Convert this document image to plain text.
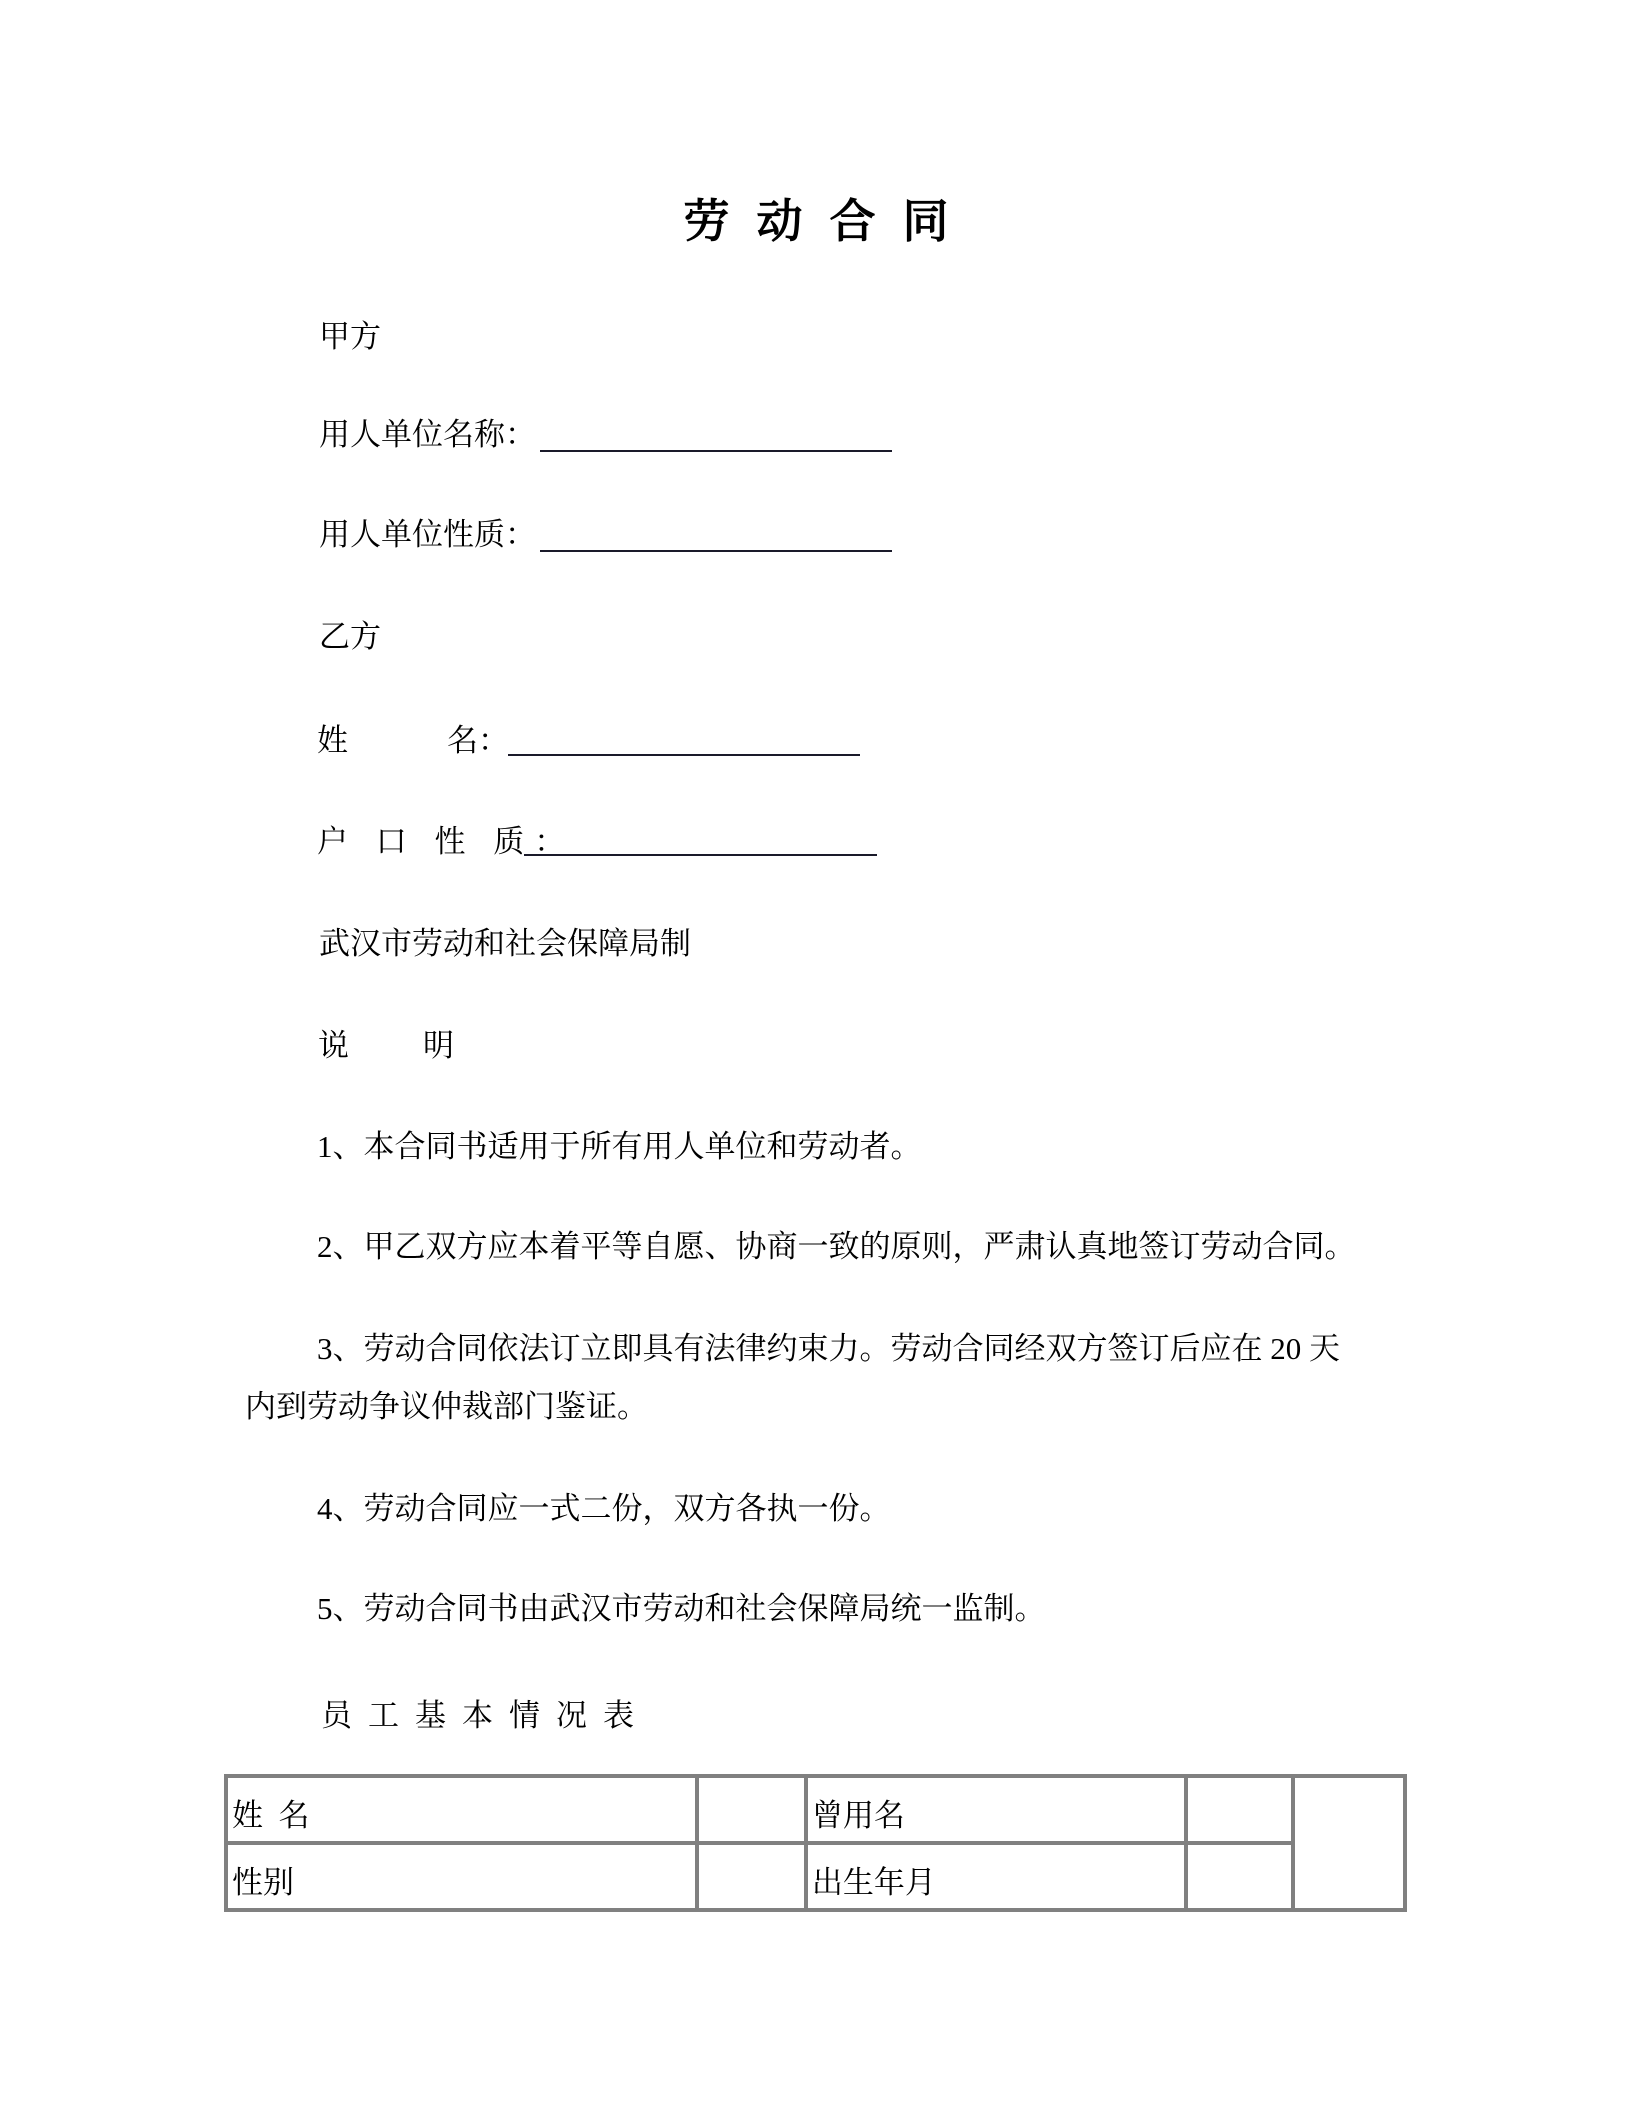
劳动合同
甲方
用人单位名称：
用人单位性质：
乙方
姓	名：
户 口 性 质：
武汉市劳动和社会保障局制
说 明
1、本合同书适用于所有用人单位和劳动者。
2、甲乙双方应本着平等自愿、协商一致的原则，严肃认真地签订劳动合同。
3、劳动合同依法订立即具有法律约束力。劳动合同经双方签订后应在 20 天
内到劳动争议仲裁部门鉴证。
4、劳动合同应一式二份，双方各执一份。
5、劳动合同书由武汉市劳动和社会保障局统一监制。
员工基本情况表
姓  名		曾用名		
性别		出生年月		
